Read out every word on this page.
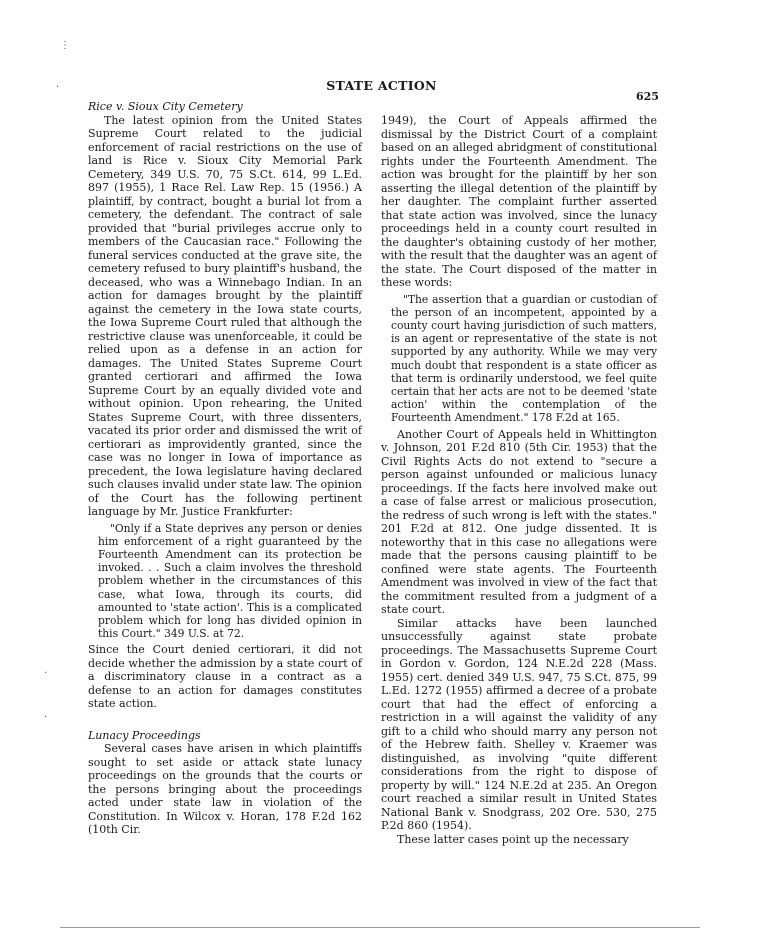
STATE ACTION
625
⋮
·
·
·

Rice v. Sioux City Cemetery

The latest opinion from the United States Supreme Court related to the judicial enforcement of racial restrictions on the use of land is Rice v. Sioux City Memorial Park Cemetery, 349 U.S. 70, 75 S.Ct. 614, 99 L.Ed. 897 (1955), 1 Race Rel. Law Rep. 15 (1956.) A plaintiff, by contract, bought a burial lot from a cemetery, the defendant. The contract of sale provided that "burial privileges accrue only to members of the Caucasian race." Following the funeral services conducted at the grave site, the cemetery refused to bury plaintiff's husband, the deceased, who was a Winnebago Indian. In an action for damages brought by the plaintiff against the cemetery in the Iowa state courts, the Iowa Supreme Court ruled that although the restrictive clause was unenforceable, it could be relied upon as a defense in an action for damages. The United States Supreme Court granted certiorari and affirmed the Iowa Supreme Court by an equally divided vote and without opinion. Upon rehearing, the United States Supreme Court, with three dissenters, vacated its prior order and dismissed the writ of certiorari as improvidently granted, since the case was no longer in Iowa of importance as precedent, the Iowa legislature having declared such clauses invalid under state law. The opinion of the Court has the following pertinent language by Mr. Justice Frankfurter:

"Only if a State deprives any person or denies him enforcement of a right guaranteed by the Fourteenth Amendment can its protection be invoked. . . Such a claim involves the threshold problem whether in the circumstances of this case, what Iowa, through its courts, did amounted to 'state action'. This is a complicated problem which for long has divided opinion in this Court." 349 U.S. at 72.

Since the Court denied certiorari, it did not decide whether the admission by a state court of a discriminatory clause in a contract as a defense to an action for damages constitutes state action.

Lunacy Proceedings

Several cases have arisen in which plaintiffs sought to set aside or attack state lunacy proceedings on the grounds that the courts or the persons bringing about the proceedings acted under state law in violation of the Constitution. In Wilcox v. Horan, 178 F.2d 162 (10th Cir.

1949), the Court of Appeals affirmed the dismissal by the District Court of a complaint based on an alleged abridgment of constitutional rights under the Fourteenth Amendment. The action was brought for the plaintiff by her son asserting the illegal detention of the plaintiff by her daughter. The complaint further asserted that state action was involved, since the lunacy proceedings held in a county court resulted in the daughter's obtaining custody of her mother, with the result that the daughter was an agent of the state. The Court disposed of the matter in these words:

"The assertion that a guardian or custodian of the person of an incompetent, appointed by a county court having jurisdiction of such matters, is an agent or representative of the state is not supported by any authority. While we may very much doubt that respondent is a state officer as that term is ordinarily understood, we feel quite certain that her acts are not to be deemed 'state action' within the contemplation of the Fourteenth Amendment." 178 F.2d at 165.

Another Court of Appeals held in Whittington v. Johnson, 201 F.2d 810 (5th Cir. 1953) that the Civil Rights Acts do not extend to "secure a person against unfounded or malicious lunacy proceedings. If the facts here involved make out a case of false arrest or malicious prosecution, the redress of such wrong is left with the states." 201 F.2d at 812. One judge dissented. It is noteworthy that in this case no allegations were made that the persons causing plaintiff to be confined were state agents. The Fourteenth Amendment was involved in view of the fact that the commitment resulted from a judgment of a state court.

Similar attacks have been launched unsuccessfully against state probate proceedings. The Massachusetts Supreme Court in Gordon v. Gordon, 124 N.E.2d 228 (Mass. 1955) cert. denied 349 U.S. 947, 75 S.Ct. 875, 99 L.Ed. 1272 (1955) affirmed a decree of a probate court that had the effect of enforcing a restriction in a will against the validity of any gift to a child who should marry any person not of the Hebrew faith. Shelley v. Kraemer was distinguished, as involving "quite different considerations from the right to dispose of property by will." 124 N.E.2d at 235. An Oregon court reached a similar result in United States National Bank v. Snodgrass, 202 Ore. 530, 275 P.2d 860 (1954).

These latter cases point up the necessary
